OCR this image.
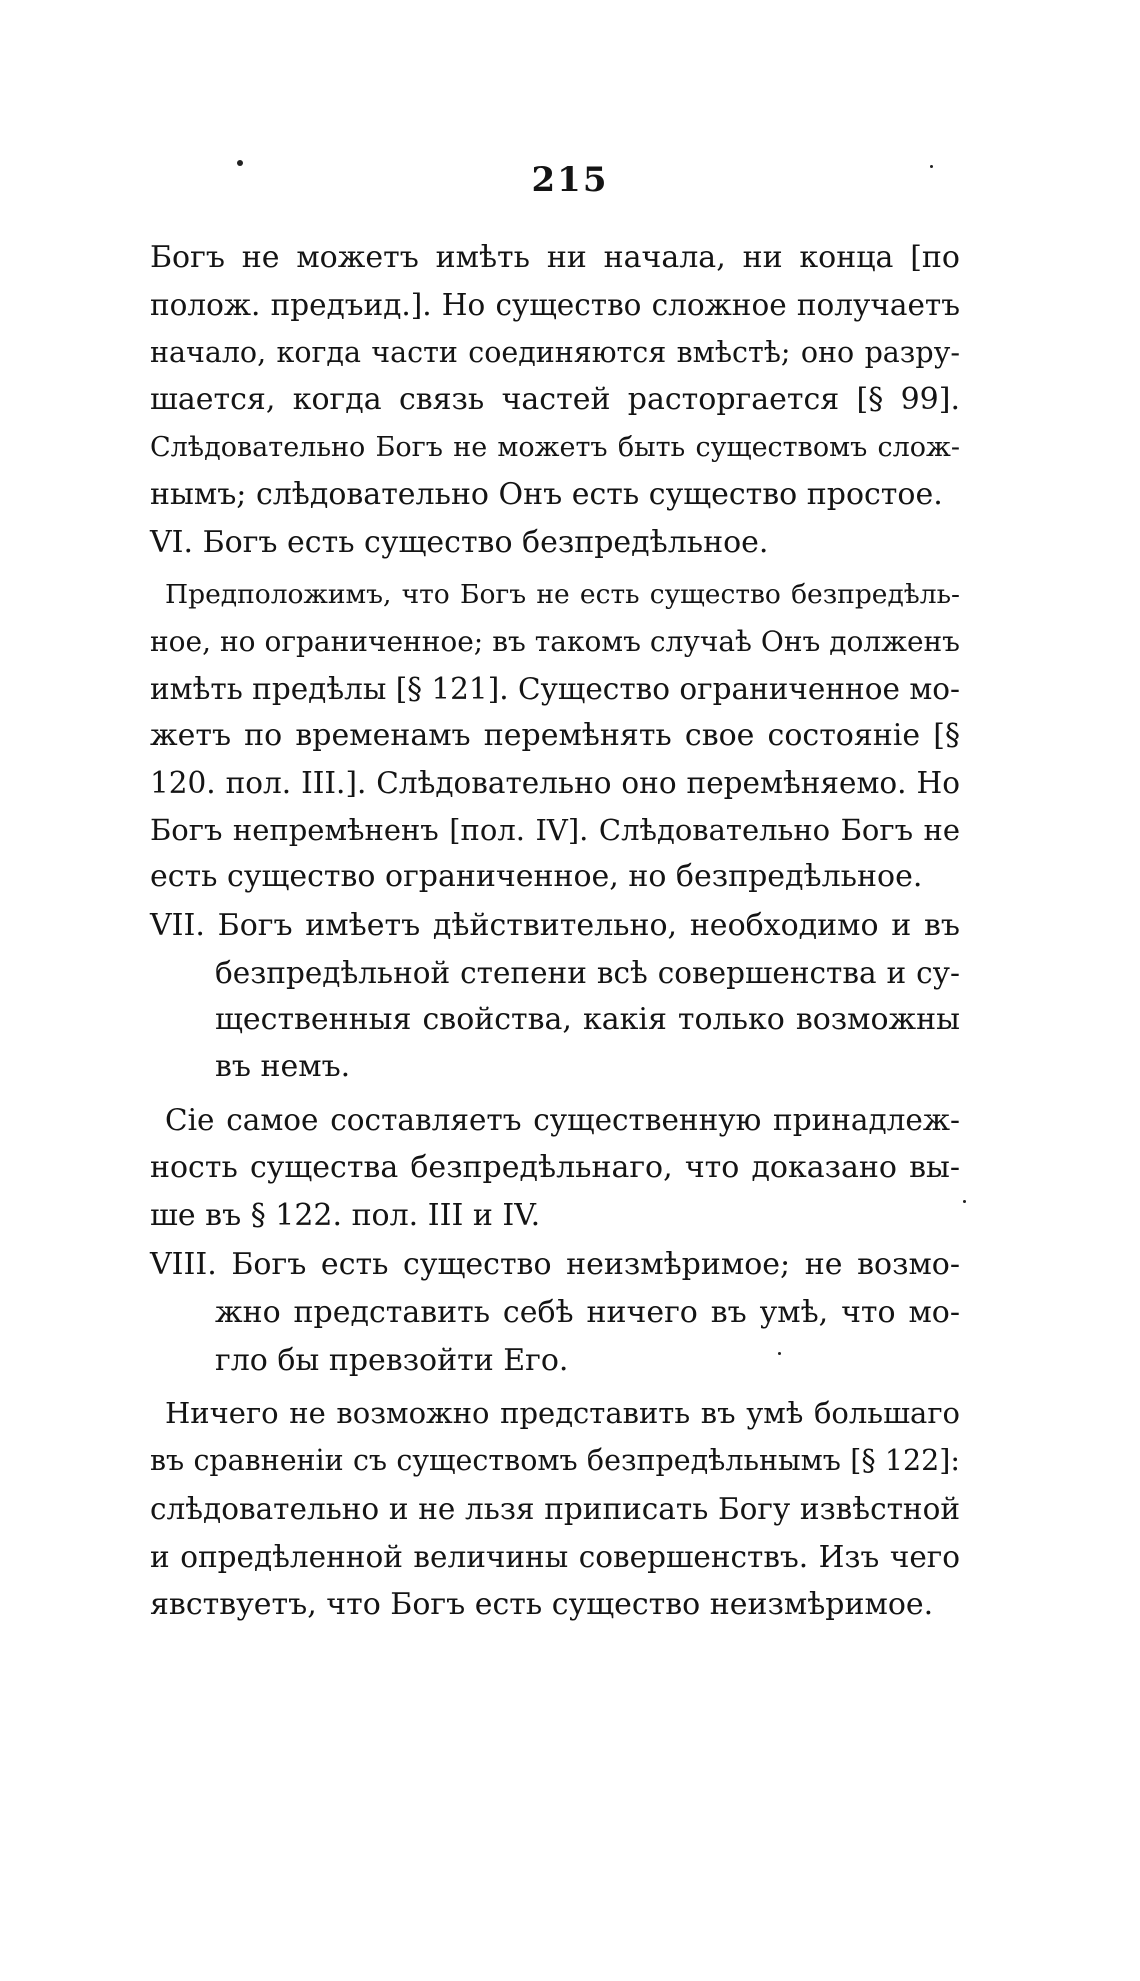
215
Богъ не можетъ имѣть ни начала, ни конца [по
полож. предъид.]. Но существо сложное получаетъ
начало, когда части соединяются вмѣстѣ; оно разру-
шается, когда связь частей расторгается [§ 99].
Слѣдовательно Богъ не можетъ быть существомъ слож-
нымъ; слѣдовательно Онъ есть существо простое.
VI. Богъ есть существо безпредѣльное.
Предположимъ, что Богъ не есть существо безпредѣль-
ное, но ограниченное; въ такомъ случаѣ Онъ долженъ
имѣть предѣлы [§ 121]. Существо ограниченное мо-
жетъ по временамъ перемѣнять свое состояніе [§
120. пол. III.]. Слѣдовательно оно перемѣняемо. Но
Богъ непремѣненъ [пол. IV]. Слѣдовательно Богъ не
есть существо ограниченное, но безпредѣльное.
VII. Богъ имѣетъ дѣйствительно, необходимо и въ
безпредѣльной степени всѣ совершенства и су-
щественныя свойства, какія только возможны
въ немъ.
Сіе самое составляетъ существенную принадлеж-
ность существа безпредѣльнаго, что доказано вы-
ше въ § 122. пол. III и IV.
VIII. Богъ есть существо неизмѣримое; не возмо-
жно представить себѣ ничего въ умѣ, что мо-
гло бы превзойти Его.
Ничего не возможно представить въ умѣ большаго
въ сравненіи съ существомъ безпредѣльнымъ [§ 122]:
слѣдовательно и не льзя приписать Богу извѣстной
и опредѣленной величины совершенствъ. Изъ чего
явствуетъ, что Богъ есть существо неизмѣримое.
